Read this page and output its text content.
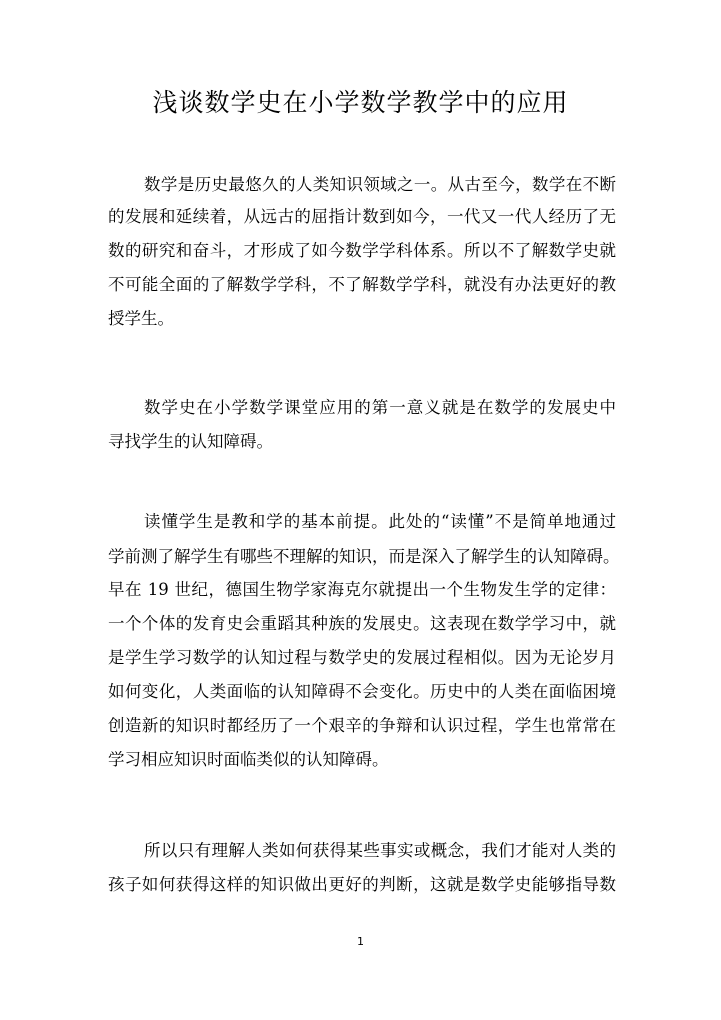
浅谈数学史在小学数学教学中的应用
数学是历史最悠久的人类知识领域之一。从古至今，数学在不断
的发展和延续着，从远古的屈指计数到如今，一代又一代人经历了无
数的研究和奋斗，才形成了如今数学学科体系。所以不了解数学史就
不可能全面的了解数学学科，不了解数学学科，就没有办法更好的教
授学生。
数学史在小学数学课堂应用的第一意义就是在数学的发展史中
寻找学生的认知障碍。
读懂学生是教和学的基本前提。此处的“读懂”不是简单地通过
学前测了解学生有哪些不理解的知识，而是深入了解学生的认知障碍。
早在 19 世纪，德国生物学家海克尔就提出一个生物发生学的定律：
一个个体的发育史会重蹈其种族的发展史。这表现在数学学习中，就
是学生学习数学的认知过程与数学史的发展过程相似。因为无论岁月
如何变化，人类面临的认知障碍不会变化。历史中的人类在面临困境
创造新的知识时都经历了一个艰辛的争辩和认识过程，学生也常常在
学习相应知识时面临类似的认知障碍。
所以只有理解人类如何获得某些事实或概念，我们才能对人类的
孩子如何获得这样的知识做出更好的判断，这就是数学史能够指导数
1
